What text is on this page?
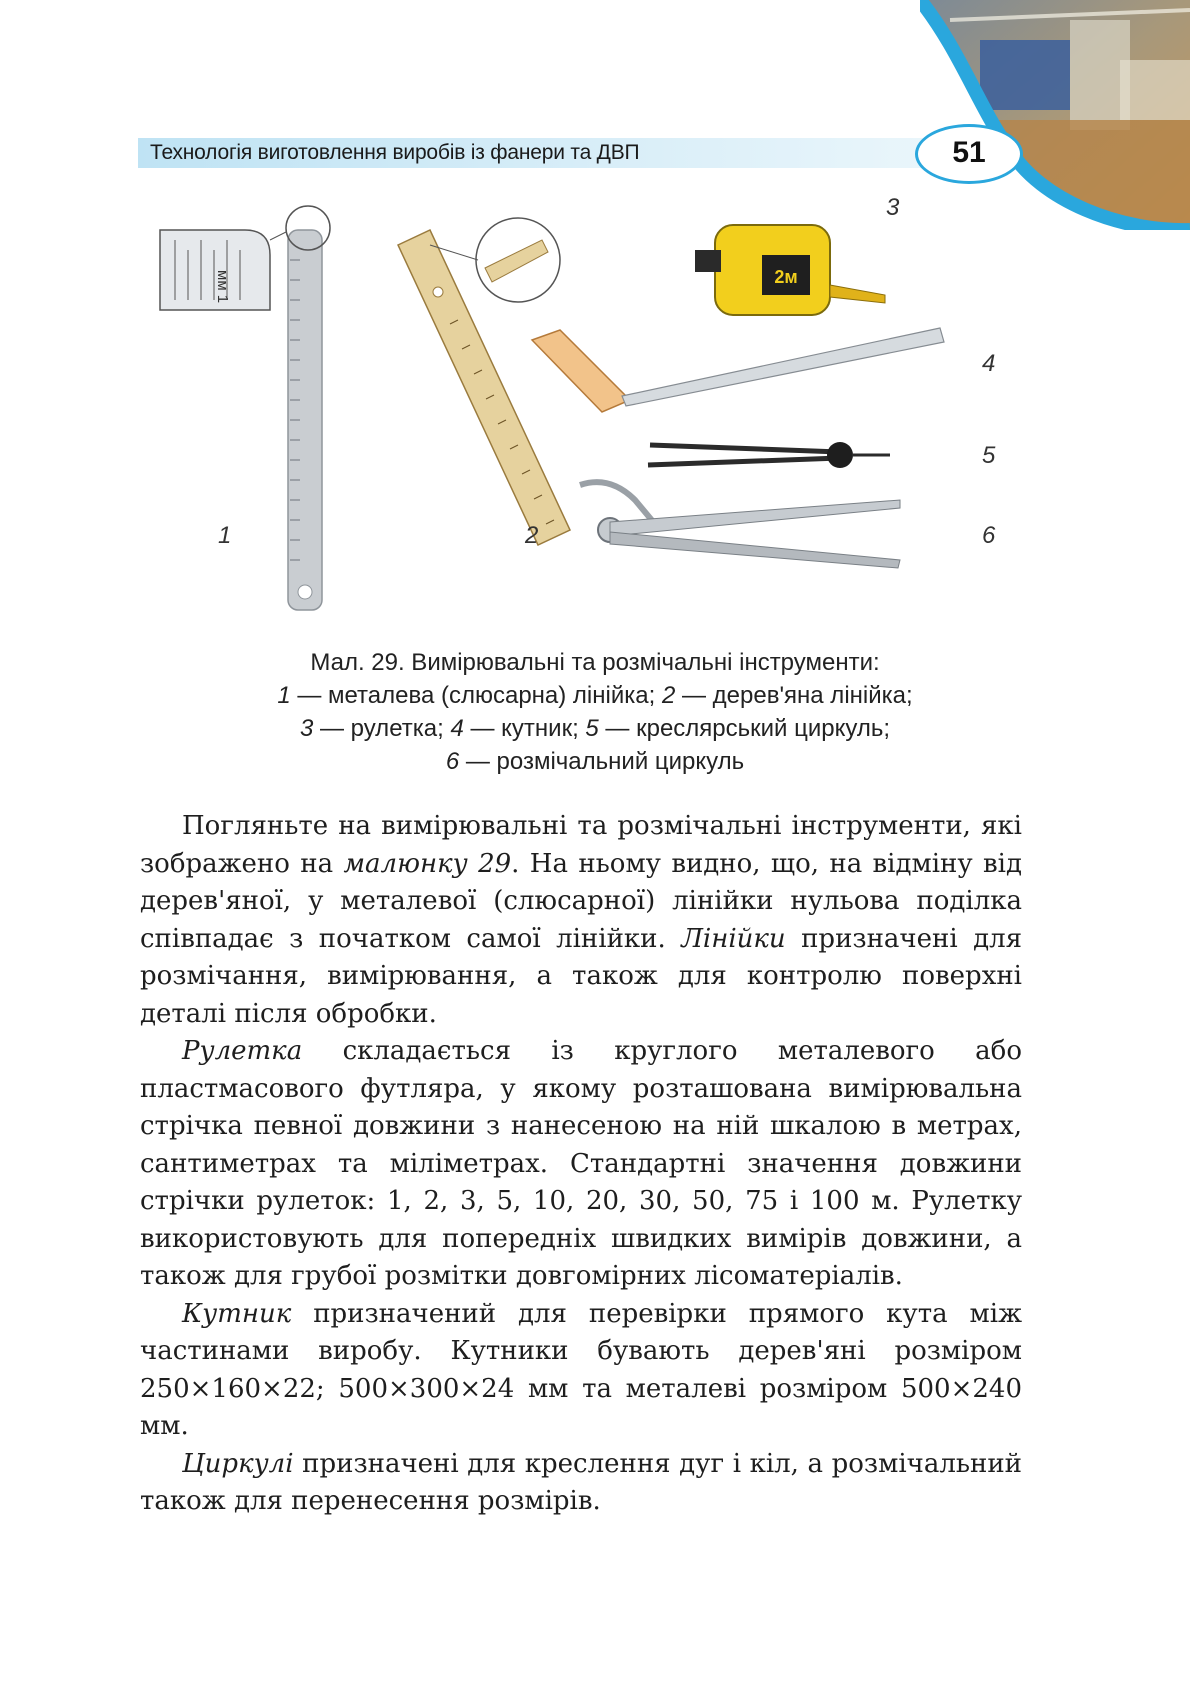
Технологія виготовлення виробів із фанери та ДВП	51
мм 1	2м
1	2
3
4
5
6
Мал. 29. Вимірювальні та розмічальні інструменти:
1 — металева (слюсарна) лінійка; 2 — дерев'яна лінійка;
3 — рулетка; 4 — кутник; 5 — креслярський циркуль;
6 — розмічальний циркуль

Погляньте на вимірювальні та розмічальні інструменти, які зображено на малюнку 29. На ньому видно, що, на відміну від дерев'яної, у металевої (слюсарної) лінійки нульова поділка співпадає з початком самої лінійки. Лінійки призначені для розмічання, вимірювання, а також для контролю поверхні деталі після обробки.

Рулетка складається із круглого металевого або пластмасового футляра, у якому розташована вимірювальна стрічка певної довжини з нанесеною на ній шкалою в метрах, сантиметрах та міліметрах. Стандартні значення довжини стрічки рулеток: 1, 2, 3, 5, 10, 20, 30, 50, 75 і 100 м. Рулетку використовують для попередніх швидких вимірів довжини, а також для грубої розмітки довгомірних лісоматеріалів.

Кутник призначений для перевірки прямого кута між частинами виробу. Кутники бувають дерев'яні розміром 250×160×22; 500×300×24 мм та металеві розміром 500×240 мм.

Циркулі призначені для креслення дуг і кіл, а розмічальний також для перенесення розмірів.
